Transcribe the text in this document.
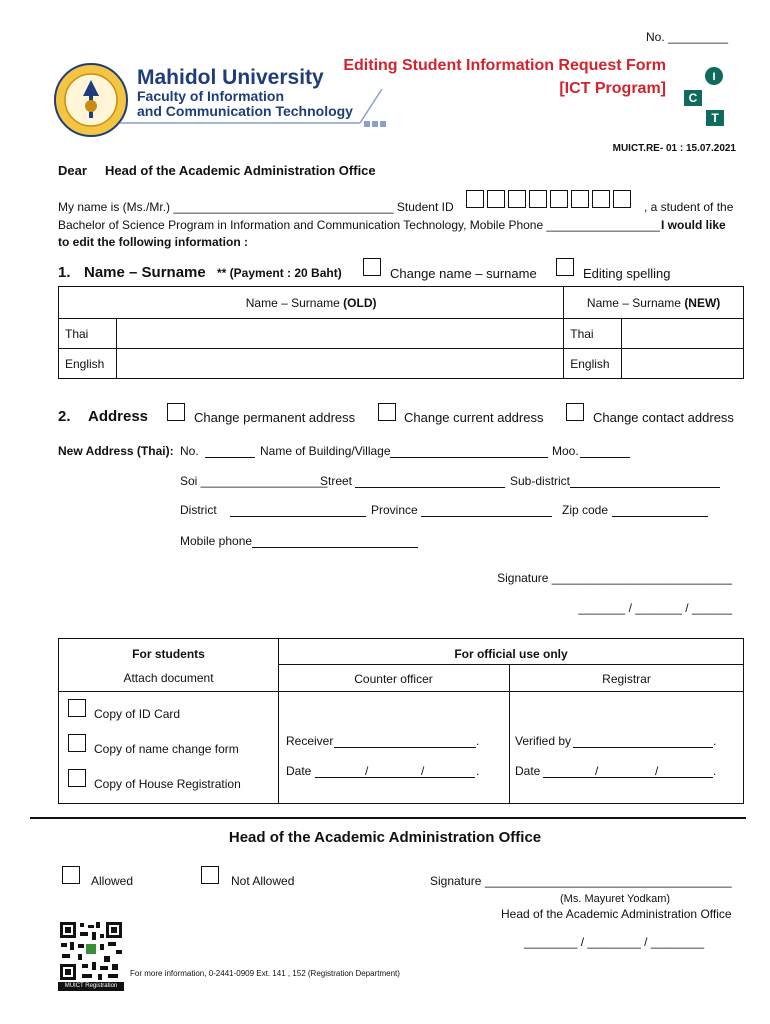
No. _________
Mahidol University
Faculty of Information
and Communication Technology
Editing Student Information Request Form
[ICT Program]
I
C
T
MUICT.RE- 01 : 15.07.2021
Dear Head of the Academic Administration Office
My name is (Ms./Mr.) _________________________________ Student ID	, a student of the
Bachelor of Science Program in Information and Communication Technology, Mobile Phone _________________ I would like
to edit the following information :
1. Name – Surname ** (Payment : 20 Baht)	Change name – surname	Editing spelling
Name – Surname (OLD)		Name – Surname (NEW)	
Thai		Thai	
English		English	
2. Address	Change permanent address	Change current address	Change contact address
New Address (Thai): No.	Name of Building/Village	Moo.
Soi ___________________
Street	Sub-district
District	Province	Zip code
Mobile phone
Signature ___________________________
_______ / _______ / ______
For students
Attach document
For official use only
Counter officer	Registrar
Copy of ID Card
Copy of name change form
Copy of House Registration
Receiver	.
Date	/	/	.
Verified by	.
Date	/	/	.
Head of the Academic Administration Office
Allowed	Not Allowed	Signature _____________________________________
(Ms. Mayuret Yodkam)
Head of the Academic Administration Office
________ / ________ / ________
MUICT Registration
For more information, 0-2441-0909 Ext. 141 , 152 (Registration Department)
